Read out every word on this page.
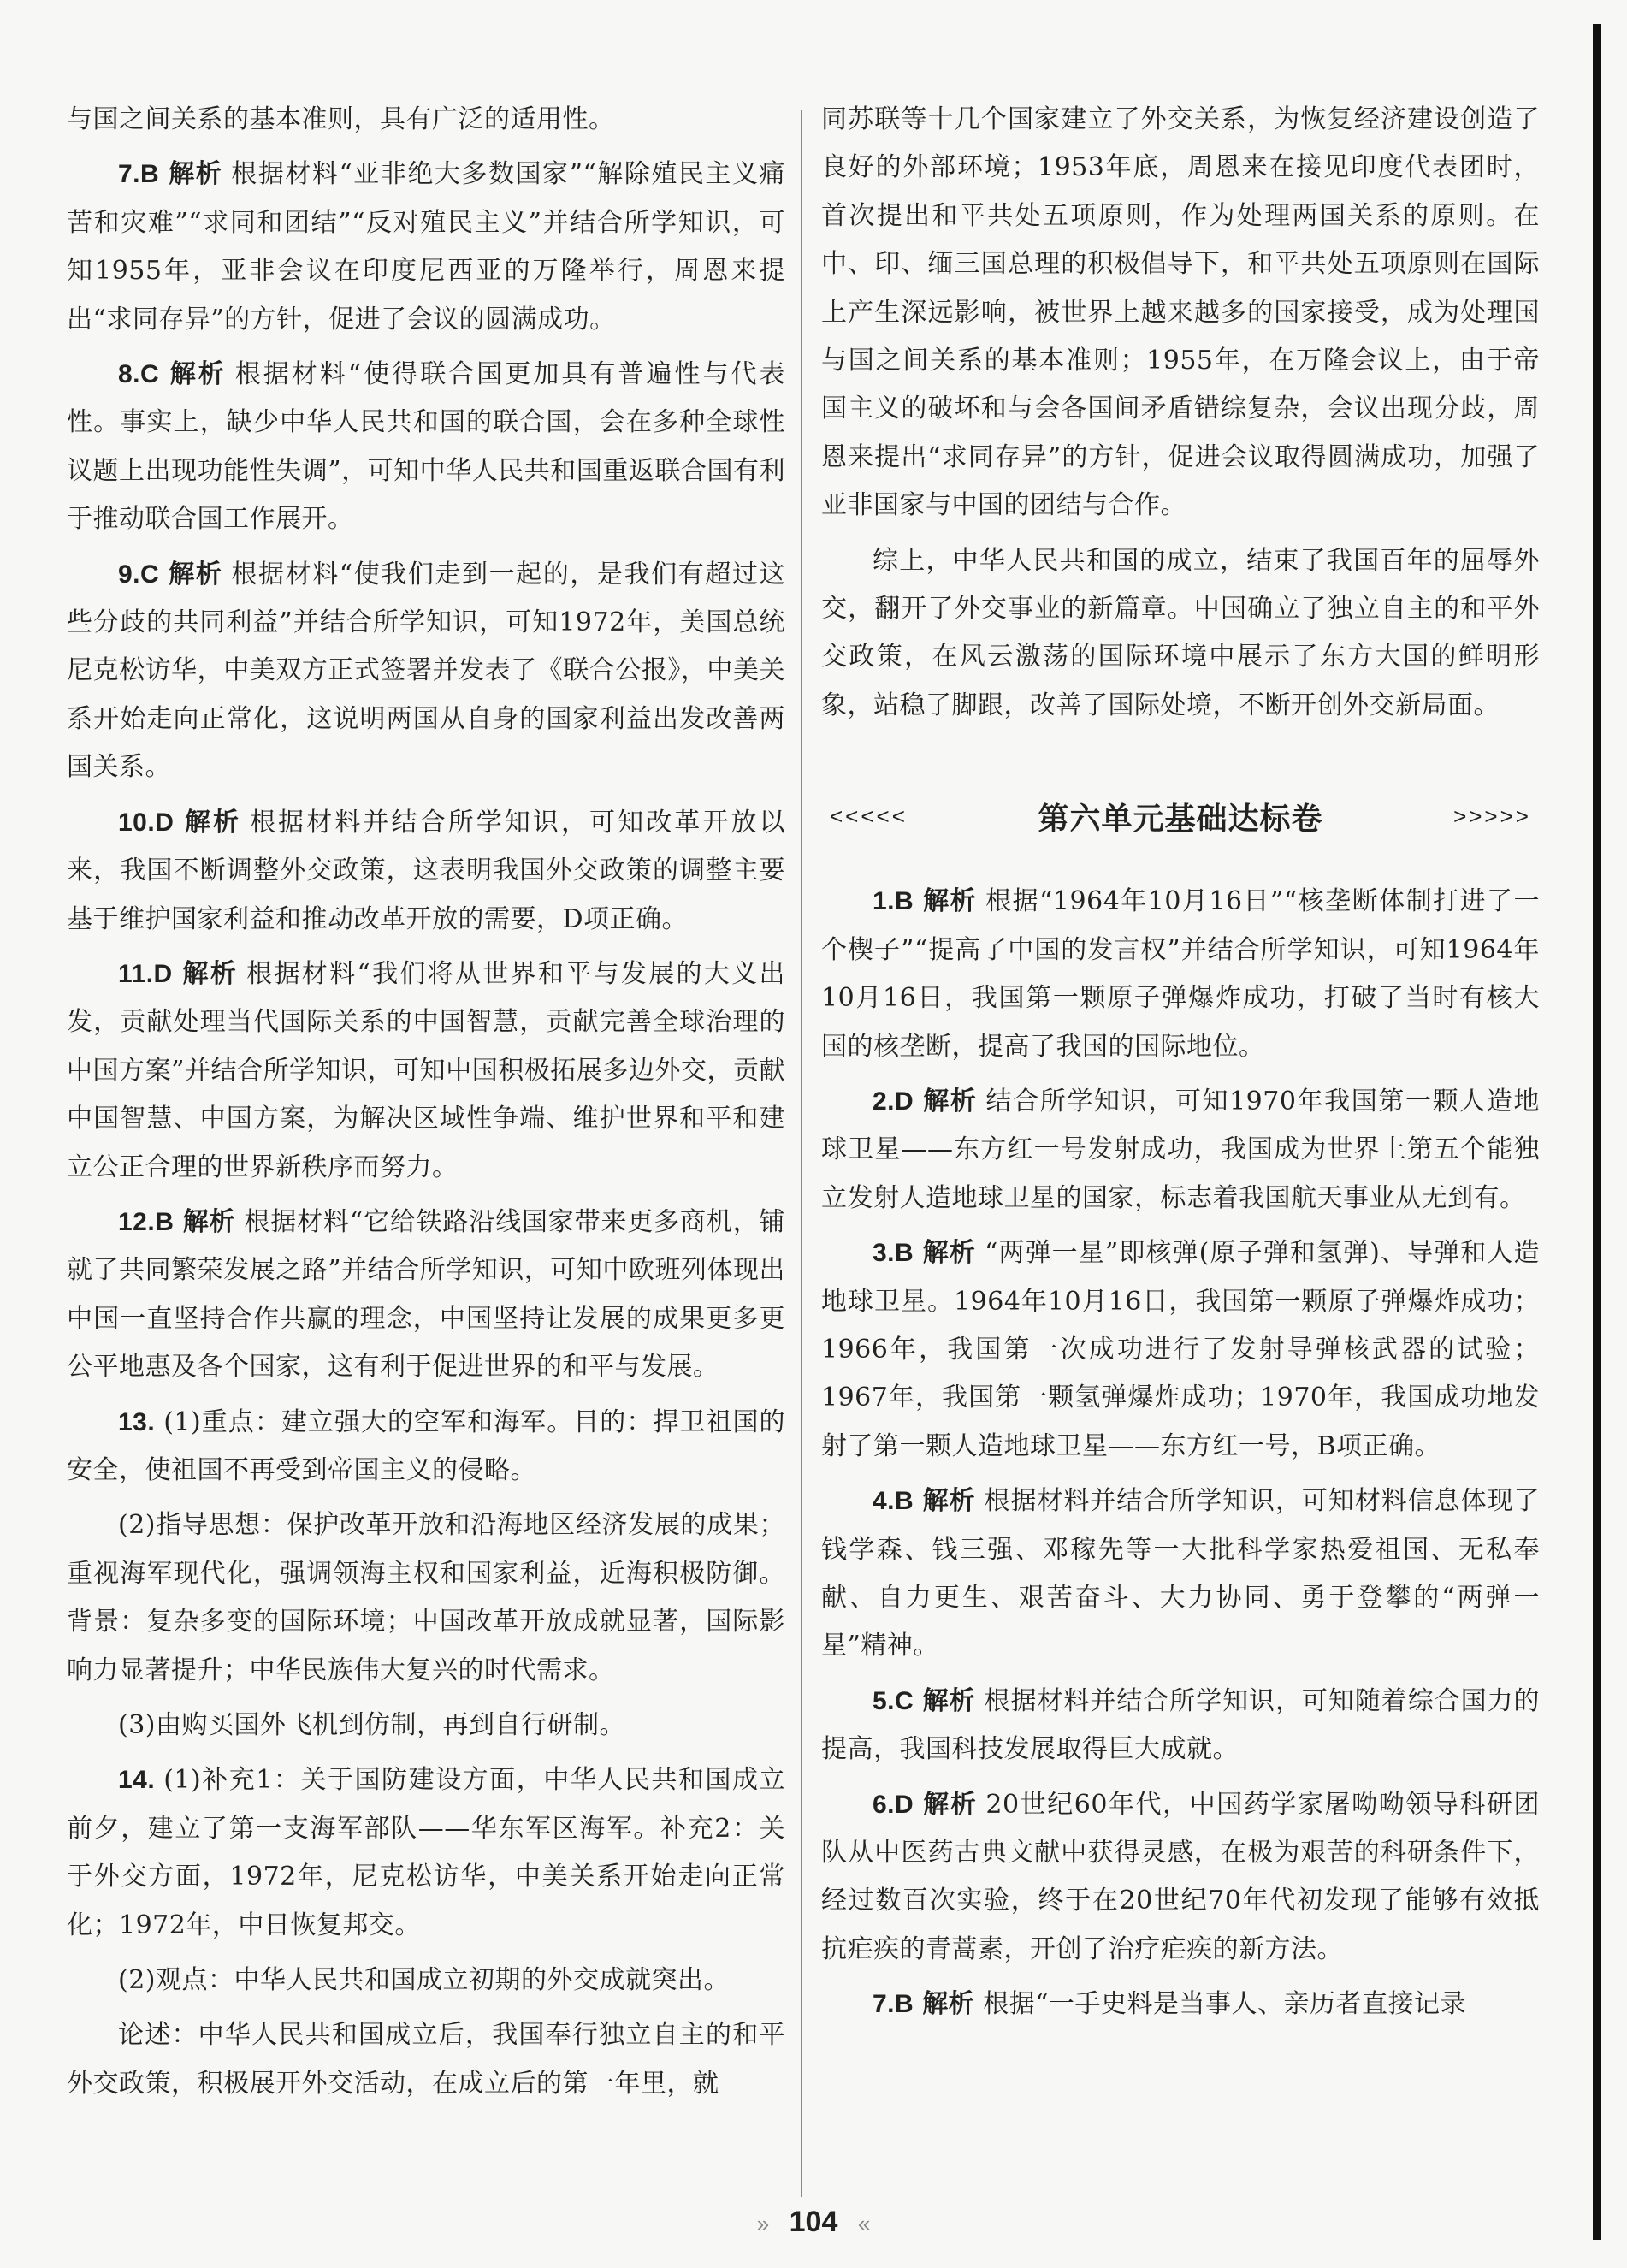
与国之间关系的基本准则，具有广泛的适用性。

7.B 解析 根据材料“亚非绝大多数国家”“解除殖民主义痛苦和灾难”“求同和团结”“反对殖民主义”并结合所学知识，可知1955年，亚非会议在印度尼西亚的万隆举行，周恩来提出“求同存异”的方针，促进了会议的圆满成功。

8.C 解析 根据材料“使得联合国更加具有普遍性与代表性。事实上，缺少中华人民共和国的联合国，会在多种全球性议题上出现功能性失调”，可知中华人民共和国重返联合国有利于推动联合国工作展开。

9.C 解析 根据材料“使我们走到一起的，是我们有超过这些分歧的共同利益”并结合所学知识，可知1972年，美国总统尼克松访华，中美双方正式签署并发表了《联合公报》，中美关系开始走向正常化，这说明两国从自身的国家利益出发改善两国关系。

10.D 解析 根据材料并结合所学知识，可知改革开放以来，我国不断调整外交政策，这表明我国外交政策的调整主要基于维护国家利益和推动改革开放的需要，D项正确。

11.D 解析 根据材料“我们将从世界和平与发展的大义出发，贡献处理当代国际关系的中国智慧，贡献完善全球治理的中国方案”并结合所学知识，可知中国积极拓展多边外交，贡献中国智慧、中国方案，为解决区域性争端、维护世界和平和建立公正合理的世界新秩序而努力。

12.B 解析 根据材料“它给铁路沿线国家带来更多商机，铺就了共同繁荣发展之路”并结合所学知识，可知中欧班列体现出中国一直坚持合作共赢的理念，中国坚持让发展的成果更多更公平地惠及各个国家，这有利于促进世界的和平与发展。

13. (1)重点：建立强大的空军和海军。目的：捍卫祖国的安全，使祖国不再受到帝国主义的侵略。

(2)指导思想：保护改革开放和沿海地区经济发展的成果；重视海军现代化，强调领海主权和国家利益，近海积极防御。背景：复杂多变的国际环境；中国改革开放成就显著，国际影响力显著提升；中华民族伟大复兴的时代需求。

(3)由购买国外飞机到仿制，再到自行研制。

14. (1)补充1：关于国防建设方面，中华人民共和国成立前夕，建立了第一支海军部队——华东军区海军。补充2：关于外交方面，1972年，尼克松访华，中美关系开始走向正常化；1972年，中日恢复邦交。

(2)观点：中华人民共和国成立初期的外交成就突出。

论述：中华人民共和国成立后，我国奉行独立自主的和平外交政策，积极展开外交活动，在成立后的第一年里，就

同苏联等十几个国家建立了外交关系，为恢复经济建设创造了良好的外部环境；1953年底，周恩来在接见印度代表团时，首次提出和平共处五项原则，作为处理两国关系的原则。在中、印、缅三国总理的积极倡导下，和平共处五项原则在国际上产生深远影响，被世界上越来越多的国家接受，成为处理国与国之间关系的基本准则；1955年，在万隆会议上，由于帝国主义的破坏和与会各国间矛盾错综复杂，会议出现分歧，周恩来提出“求同存异”的方针，促进会议取得圆满成功，加强了亚非国家与中国的团结与合作。

综上，中华人民共和国的成立，结束了我国百年的屈辱外交，翻开了外交事业的新篇章。中国确立了独立自主的和平外交政策，在风云激荡的国际环境中展示了东方大国的鲜明形象，站稳了脚跟，改善了国际处境，不断开创外交新局面。

<<<<<	第六单元基础达标卷	>>>>>

1.B 解析 根据“1964年10月16日”“核垄断体制打进了一个楔子”“提高了中国的发言权”并结合所学知识，可知1964年10月16日，我国第一颗原子弹爆炸成功，打破了当时有核大国的核垄断，提高了我国的国际地位。

2.D 解析 结合所学知识，可知1970年我国第一颗人造地球卫星——东方红一号发射成功，我国成为世界上第五个能独立发射人造地球卫星的国家，标志着我国航天事业从无到有。

3.B 解析 “两弹一星”即核弹(原子弹和氢弹)、导弹和人造地球卫星。1964年10月16日，我国第一颗原子弹爆炸成功；1966年，我国第一次成功进行了发射导弹核武器的试验；1967年，我国第一颗氢弹爆炸成功；1970年，我国成功地发射了第一颗人造地球卫星——东方红一号，B项正确。

4.B 解析 根据材料并结合所学知识，可知材料信息体现了钱学森、钱三强、邓稼先等一大批科学家热爱祖国、无私奉献、自力更生、艰苦奋斗、大力协同、勇于登攀的“两弹一星”精神。

5.C 解析 根据材料并结合所学知识，可知随着综合国力的提高，我国科技发展取得巨大成就。

6.D 解析 20世纪60年代，中国药学家屠呦呦领导科研团队从中医药古典文献中获得灵感，在极为艰苦的科研条件下，经过数百次实验，终于在20世纪70年代初发现了能够有效抵抗疟疾的青蒿素，开创了治疗疟疾的新方法。

7.B 解析 根据“一手史料是当事人、亲历者直接记录

» 104 «
